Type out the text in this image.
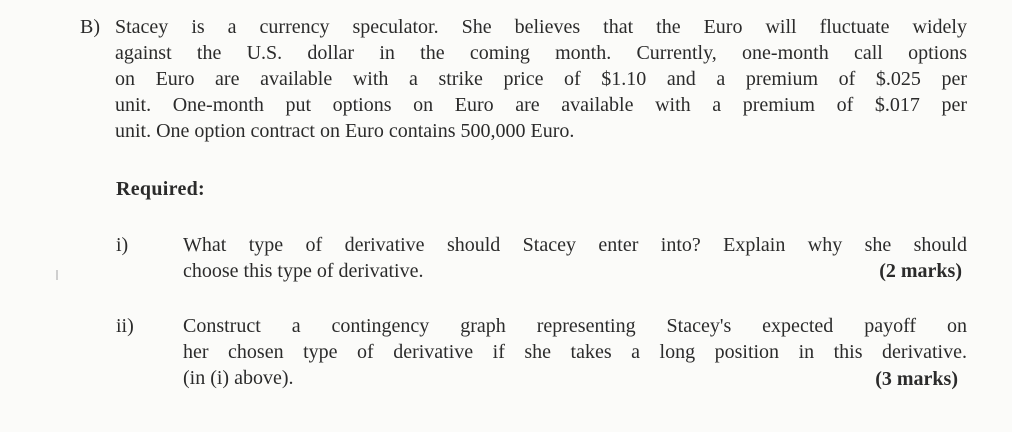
B) Stacey is a currency speculator. She believes that the Euro will fluctuate widely
against the U.S. dollar in the coming month. Currently, one-month call options
on Euro are available with a strike price of $1.10 and a premium of $.025 per
unit. One-month put options on Euro are available with a premium of $.017 per
unit. One option contract on Euro contains 500,000 Euro.
Required:
i)	What type of derivative should Stacey enter into? Explain why she should
choose this type of derivative.	(2 marks)
ii) Construct a contingency graph representing Stacey's expected payoff on
her chosen type of derivative if she takes a long position in this derivative.
(in (i) above).	(3 marks)
